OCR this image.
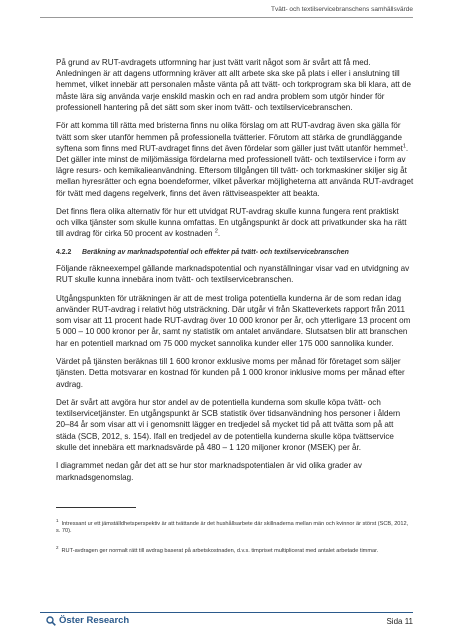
Tvätt- och textilservicebranschens samhällsvärde

På grund av RUT-avdragets utformning har just tvätt varit något som är svårt att få med. Anledningen är att dagens utformning kräver att allt arbete ska ske på plats i eller i anslutning till hemmet, vilket innebär att personalen måste vänta på att tvätt- och torkprogram ska bli klara, att de måste lära sig använda varje enskild maskin och en rad andra problem som utgör hinder för professionell hantering på det sätt som sker inom tvätt- och textilservicebranschen.

För att komma till rätta med bristerna finns nu olika förslag om att RUT-avdrag även ska gälla för tvätt som sker utanför hemmen på professionella tvätterier. Förutom att stärka de grundläggande syftena som finns med RUT-avdraget finns det även fördelar som gäller just tvätt utanför hemmet$^1$. Det gäller inte minst de miljömässiga fördelarna med professionell tvätt- och textilservice i form av lägre resurs- och kemikalieanvändning. Eftersom tillgången till tvätt- och torkmaskiner skiljer sig åt mellan hyresrätter och egna boendeformer, vilket påverkar möjligheterna att använda RUT-avdraget för tvätt med dagens regelverk, finns det även rättviseaspekter att beakta.

Det finns flera olika alternativ för hur ett utvidgat RUT-avdrag skulle kunna fungera rent praktiskt och vilka tjänster som skulle kunna omfattas. En utgångspunkt är dock att privatkunder ska ha rätt till avdrag för cirka 50 procent av kostnaden $^2$.

4.2.2 Beräkning av marknadspotential och effekter på tvätt- och textilservicebranschen

Följande räkneexempel gällande marknadspotential och nyanställningar visar vad en utvidgning av RUT skulle kunna innebära inom tvätt- och textilservicebranschen.

Utgångspunkten för uträkningen är att de mest troliga potentiella kunderna är de som redan idag använder RUT-avdrag i relativt hög utsträckning. Där utgår vi från Skatteverkets rapport från 2011 som visar att 11 procent hade RUT-avdrag över 10 000 kronor per år, och ytterligare 13 procent om 5 000 – 10 000 kronor per år, samt ny statistik om antalet användare. Slutsatsen blir att branschen har en potentiell marknad om 75 000 mycket sannolika kunder eller 175 000 sannolika kunder.

Värdet på tjänsten beräknas till 1 600 kronor exklusive moms per månad för företaget som säljer tjänsten. Detta motsvarar en kostnad för kunden på 1 000 kronor inklusive moms per månad efter avdrag.

Det är svårt att avgöra hur stor andel av de potentiella kunderna som skulle köpa tvätt- och textilservicetjänster. En utgångspunkt är SCB statistik över tidsanvändning hos personer i åldern 20–84 år som visar att vi i genomsnitt lägger en tredjedel så mycket tid på att tvätta som på att städa (SCB, 2012, s. 154). Ifall en tredjedel av de potentiella kunderna skulle köpa tvättservice skulle det innebära ett marknadsvärde på 480 – 1 120 miljoner kronor (MSEK) per år.

I diagrammet nedan går det att se hur stor marknadspotentialen är vid olika grader av marknadsgenomslag.

$^1$Intressant ur ett jämställdhetsperspektiv är att tvättande är det hushållsarbete där skillnaderna mellan män och kvinnor är störst (SCB, 2012, s. 70).
$^2$RUT-avdragen ger normalt rätt till avdrag baserat på arbetskostnaden, d.v.s. timpriset multiplicerat med antalet arbetade timmar.
Öster Research	Sida 11
